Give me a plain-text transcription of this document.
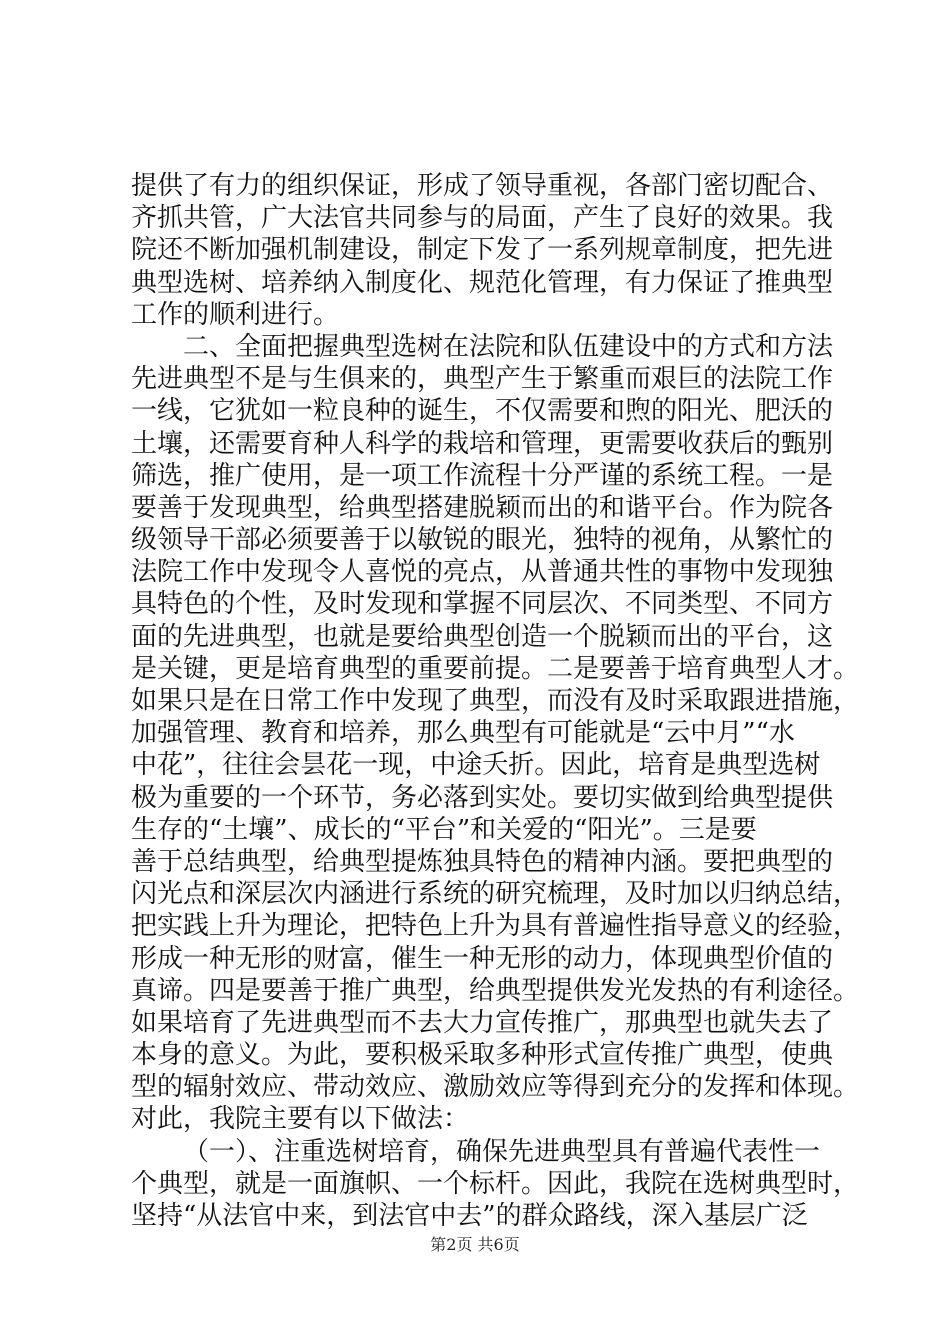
提供了有力的组织保证，形成了领导重视，各部门密切配合、
齐抓共管，广大法官共同参与的局面，产生了良好的效果。我
院还不断加强机制建设，制定下发了一系列规章制度，把先进
典型选树、培养纳入制度化、规范化管理，有力保证了推典型
工作的顺利进行。
二、全面把握典型选树在法院和队伍建设中的方式和方法
先进典型不是与生俱来的，典型产生于繁重而艰巨的法院工作
一线，它犹如一粒良种的诞生，不仅需要和煦的阳光、肥沃的
土壤，还需要育种人科学的栽培和管理，更需要收获后的甄别
筛选，推广使用，是一项工作流程十分严谨的系统工程。一是
要善于发现典型，给典型搭建脱颖而出的和谐平台。作为院各
级领导干部必须要善于以敏锐的眼光，独特的视角，从繁忙的
法院工作中发现令人喜悦的亮点，从普通共性的事物中发现独
具特色的个性，及时发现和掌握不同层次、不同类型、不同方
面的先进典型，也就是要给典型创造一个脱颖而出的平台，这
是关键，更是培育典型的重要前提。二是要善于培育典型人才。
如果只是在日常工作中发现了典型，而没有及时采取跟进措施，
加强管理、教育和培养，那么典型有可能就是“云中月”“水
中花”，往往会昙花一现，中途夭折。因此，培育是典型选树
极为重要的一个环节，务必落到实处。要切实做到给典型提供
生存的“土壤”、成长的“平台”和关爱的“阳光”。三是要
善于总结典型，给典型提炼独具特色的精神内涵。要把典型的
闪光点和深层次内涵进行系统的研究梳理，及时加以归纳总结，
把实践上升为理论，把特色上升为具有普遍性指导意义的经验，
形成一种无形的财富，催生一种无形的动力，体现典型价值的
真谛。四是要善于推广典型，给典型提供发光发热的有利途径。
如果培育了先进典型而不去大力宣传推广，那典型也就失去了
本身的意义。为此，要积极采取多种形式宣传推广典型，使典
型的辐射效应、带动效应、激励效应等得到充分的发挥和体现。
对此，我院主要有以下做法：
（一）、注重选树培育，确保先进典型具有普遍代表性一
个典型，就是一面旗帜、一个标杆。因此，我院在选树典型时，
坚持“从法官中来，到法官中去”的群众路线，深入基层广泛
第2页 共6页
